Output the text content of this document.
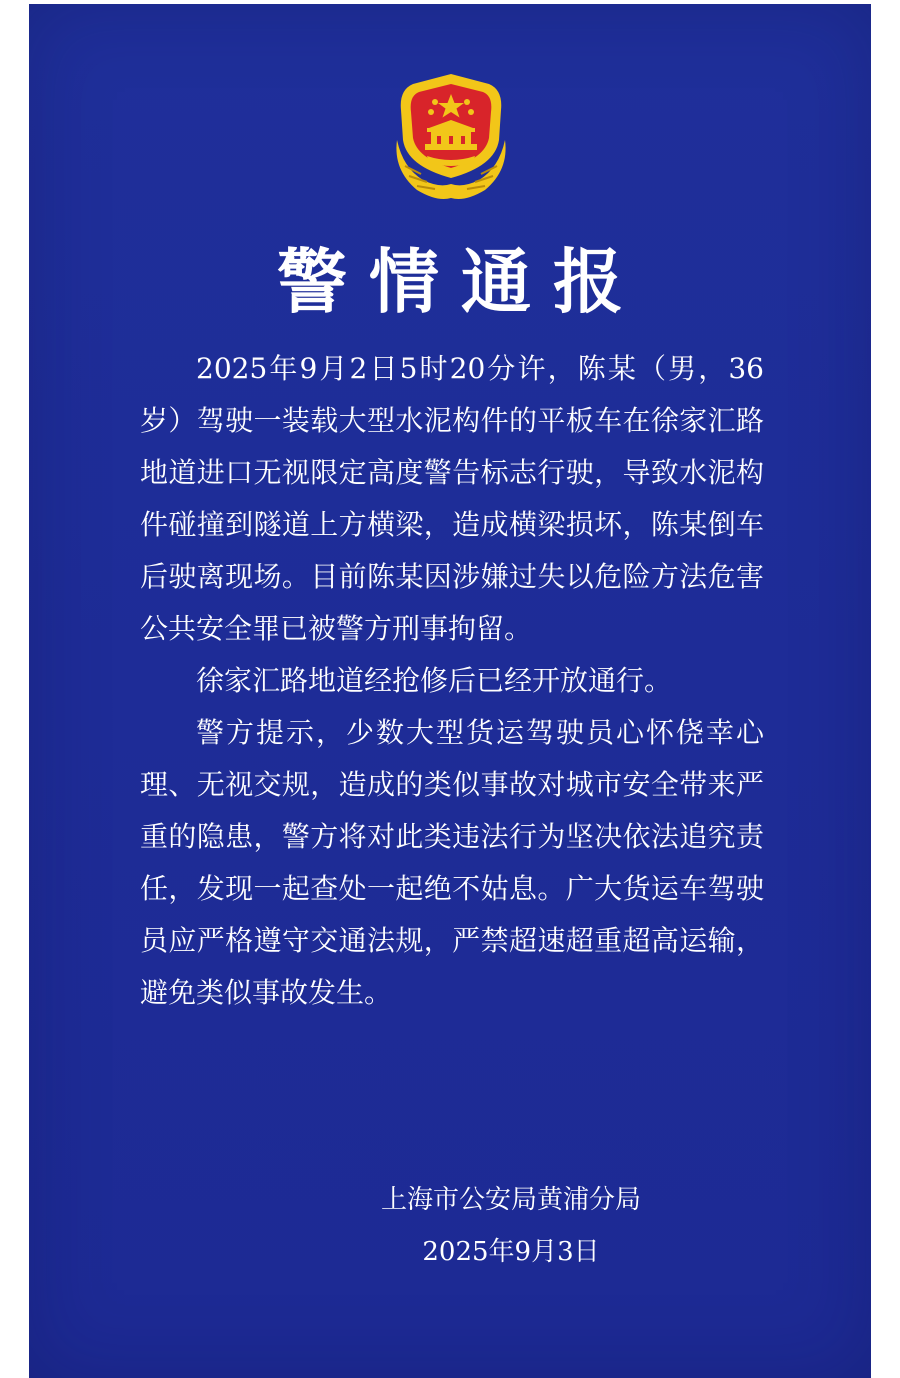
警情通报

2025年9月2日5时20分许，陈某（男，36岁）驾驶一装载大型水泥构件的平板车在徐家汇路地道进口无视限定高度警告标志行驶，导致水泥构件碰撞到隧道上方横梁，造成横梁损坏，陈某倒车后驶离现场。目前陈某因涉嫌过失以危险方法危害公共安全罪已被警方刑事拘留。

徐家汇路地道经抢修后已经开放通行。

警方提示，少数大型货运驾驶员心怀侥幸心理、无视交规，造成的类似事故对城市安全带来严重的隐患，警方将对此类违法行为坚决依法追究责任，发现一起查处一起绝不姑息。广大货运车驾驶员应严格遵守交通法规，严禁超速超重超高运输，避免类似事故发生。

上海市公安局黄浦分局
2025年9月3日
